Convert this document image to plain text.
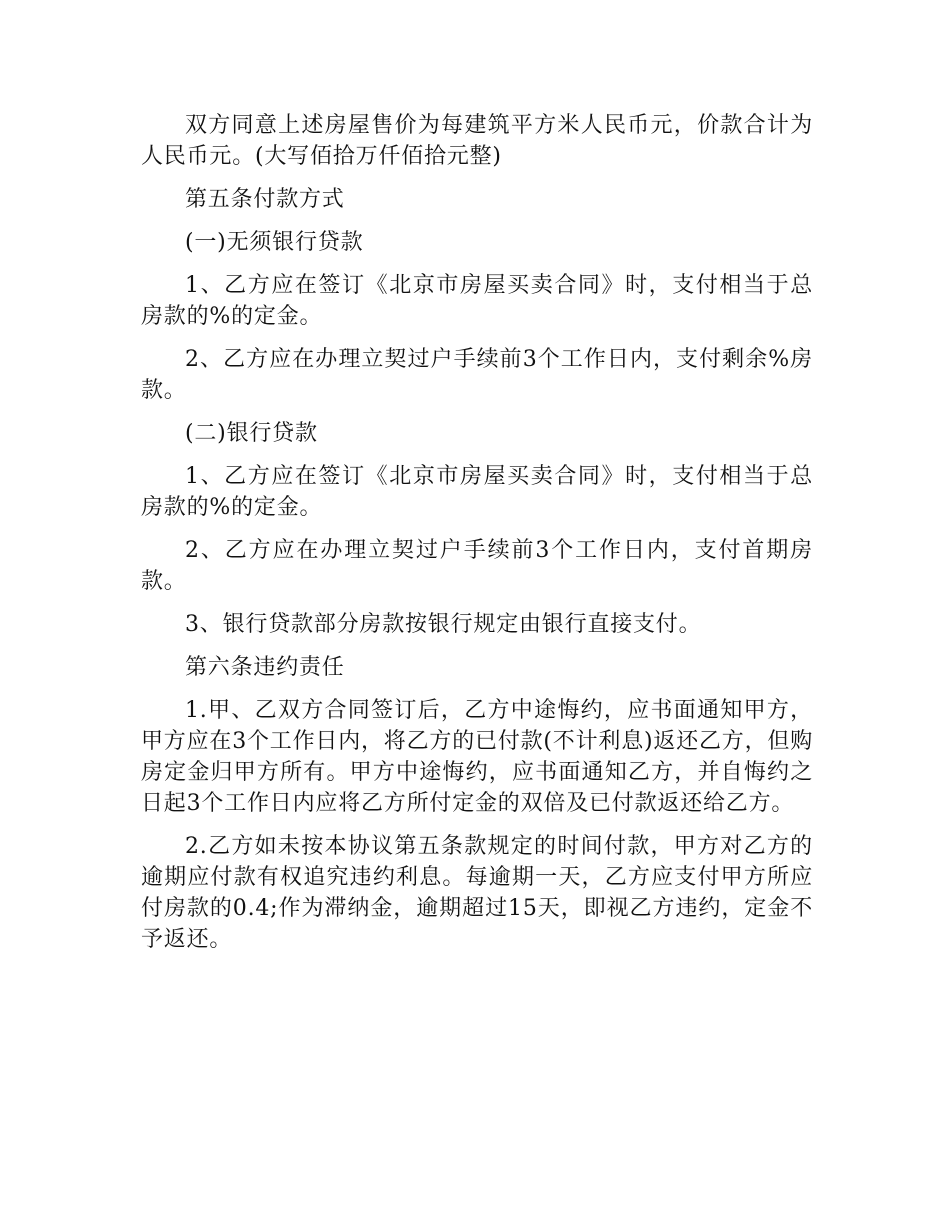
双方同意上述房屋售价为每建筑平方米人民币元，价款合计为人民币元。(大写佰拾万仟佰拾元整)

第五条付款方式

(一)无须银行贷款

1、乙方应在签订《北京市房屋买卖合同》时，支付相当于总房款的%的定金。

2、乙方应在办理立契过户手续前3个工作日内，支付剩余%房款。

(二)银行贷款

1、乙方应在签订《北京市房屋买卖合同》时，支付相当于总房款的%的定金。

2、乙方应在办理立契过户手续前3个工作日内，支付首期房款。

3、银行贷款部分房款按银行规定由银行直接支付。

第六条违约责任

1.甲、乙双方合同签订后，乙方中途悔约，应书面通知甲方，甲方应在3个工作日内，将乙方的已付款(不计利息)返还乙方，但购房定金归甲方所有。甲方中途悔约，应书面通知乙方，并自悔约之日起3个工作日内应将乙方所付定金的双倍及已付款返还给乙方。

2.乙方如未按本协议第五条款规定的时间付款，甲方对乙方的逾期应付款有权追究违约利息。每逾期一天，乙方应支付甲方所应付房款的0.4;作为滞纳金，逾期超过15天，即视乙方违约，定金不予返还。
